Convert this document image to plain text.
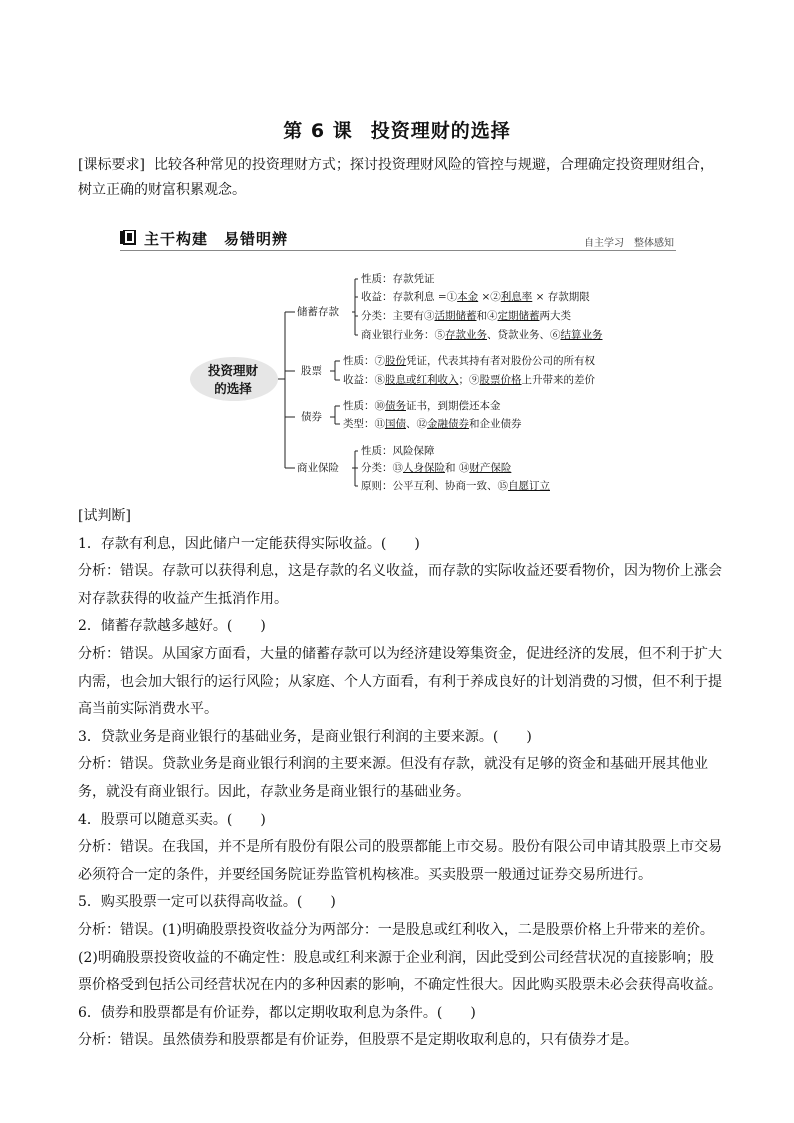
第 6 课 投资理财的选择
[课标要求] 比较各种常见的投资理财方式；探讨投资理财风险的管控与规避，合理确定投资理财组合，树立正确的财富积累观念。
主干构建　易错明辨	自主学习　整体感知
投资理财
的选择
储蓄存款
性质：存款凭证
收益：存款利息 =①本金 ×②利息率 × 存款期限
分类：主要有③活期储蓄和④定期储蓄两大类
商业银行业务：⑤存款业务、贷款业务、⑥结算业务
股票
性质：⑦股份凭证，代表其持有者对股份公司的所有权
收益：⑧股息或红利收入；⑨股票价格上升带来的差价
债券
性质：⑩债务证书，到期偿还本金
类型：⑪国债、⑫金融债券和企业债券
商业保险
性质：风险保障
分类：⑬人身保险和 ⑭财产保险
原则：公平互利、协商一致、⑮自愿订立

[试判断]

1．存款有利息，因此储户一定能获得实际收益。(　　)

分析：错误。存款可以获得利息，这是存款的名义收益，而存款的实际收益还要看物价，因为物价上涨会对存款获得的收益产生抵消作用。

2．储蓄存款越多越好。(　　)

分析：错误。从国家方面看，大量的储蓄存款可以为经济建设筹集资金，促进经济的发展，但不利于扩大内需，也会加大银行的运行风险；从家庭、个人方面看，有利于养成良好的计划消费的习惯，但不利于提高当前实际消费水平。

3．贷款业务是商业银行的基础业务，是商业银行利润的主要来源。(　　)

分析：错误。贷款业务是商业银行利润的主要来源。但没有存款，就没有足够的资金和基础开展其他业务，就没有商业银行。因此，存款业务是商业银行的基础业务。

4．股票可以随意买卖。(　　)

分析：错误。在我国，并不是所有股份有限公司的股票都能上市交易。股份有限公司申请其股票上市交易必须符合一定的条件，并要经国务院证券监管机构核准。买卖股票一般通过证券交易所进行。

5．购买股票一定可以获得高收益。(　　)

分析：错误。(1)明确股票投资收益分为两部分：一是股息或红利收入，二是股票价格上升带来的差价。(2)明确股票投资收益的不确定性：股息或红利来源于企业利润，因此受到公司经营状况的直接影响；股票价格受到包括公司经营状况在内的多种因素的影响，不确定性很大。因此购买股票未必会获得高收益。

6．债券和股票都是有价证券，都以定期收取利息为条件。(　　)

分析：错误。虽然债券和股票都是有价证券，但股票不是定期收取利息的，只有债券才是。
